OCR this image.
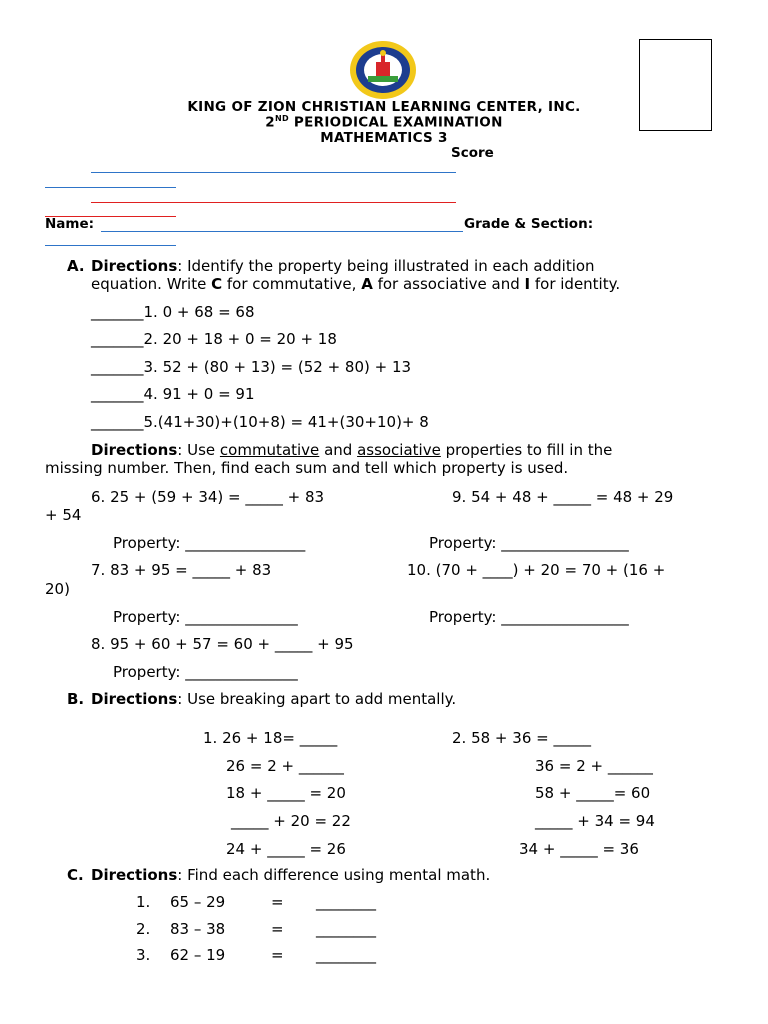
KING OF ZION CHRISTIAN LEARNING CENTER, INC.
2ND PERIODICAL EXAMINATION
MATHEMATICS 3
Score
Name:	Grade & Section:
A. Directions: Identify the property being illustrated in each addition
equation. Write C for commutative, A for associative and I for identity.
_______1. 0 + 68 = 68
_______2. 20 + 18 + 0 = 20 + 18
_______3. 52 + (80 + 13) = (52 + 80) + 13
_______4. 91 + 0 = 91
_______5.(41+30)+(10+8) = 41+(30+10)+ 8
Directions: Use commutative and associative properties to fill in the
missing number. Then, find each sum and tell which property is used.
6. 25 + (59 + 34) = _____ + 83	9. 54 + 48 + _____ = 48 + 29
+ 54
Property: ________________	Property: _________________
7. 83 + 95 = _____ + 83	10. (70 + ____) + 20 = 70 + (16 +
20)
Property: _______________	Property: _________________
8. 95 + 60 + 57 = 60 + _____ + 95
Property: _______________
B. Directions: Use breaking apart to add mentally.
1. 26 + 18= _____
26 = 2 + ______
18 + _____ = 20
_____ + 20 = 22
24 + _____ = 26
2. 58 + 36 = _____
36 = 2 + ______
58 + _____= 60
_____ + 34 = 94
34 + _____ = 36
C. Directions: Find each difference using mental math.
1. 65 – 29	= ________
2. 83 – 38	= ________
3. 62 – 19	= ________
